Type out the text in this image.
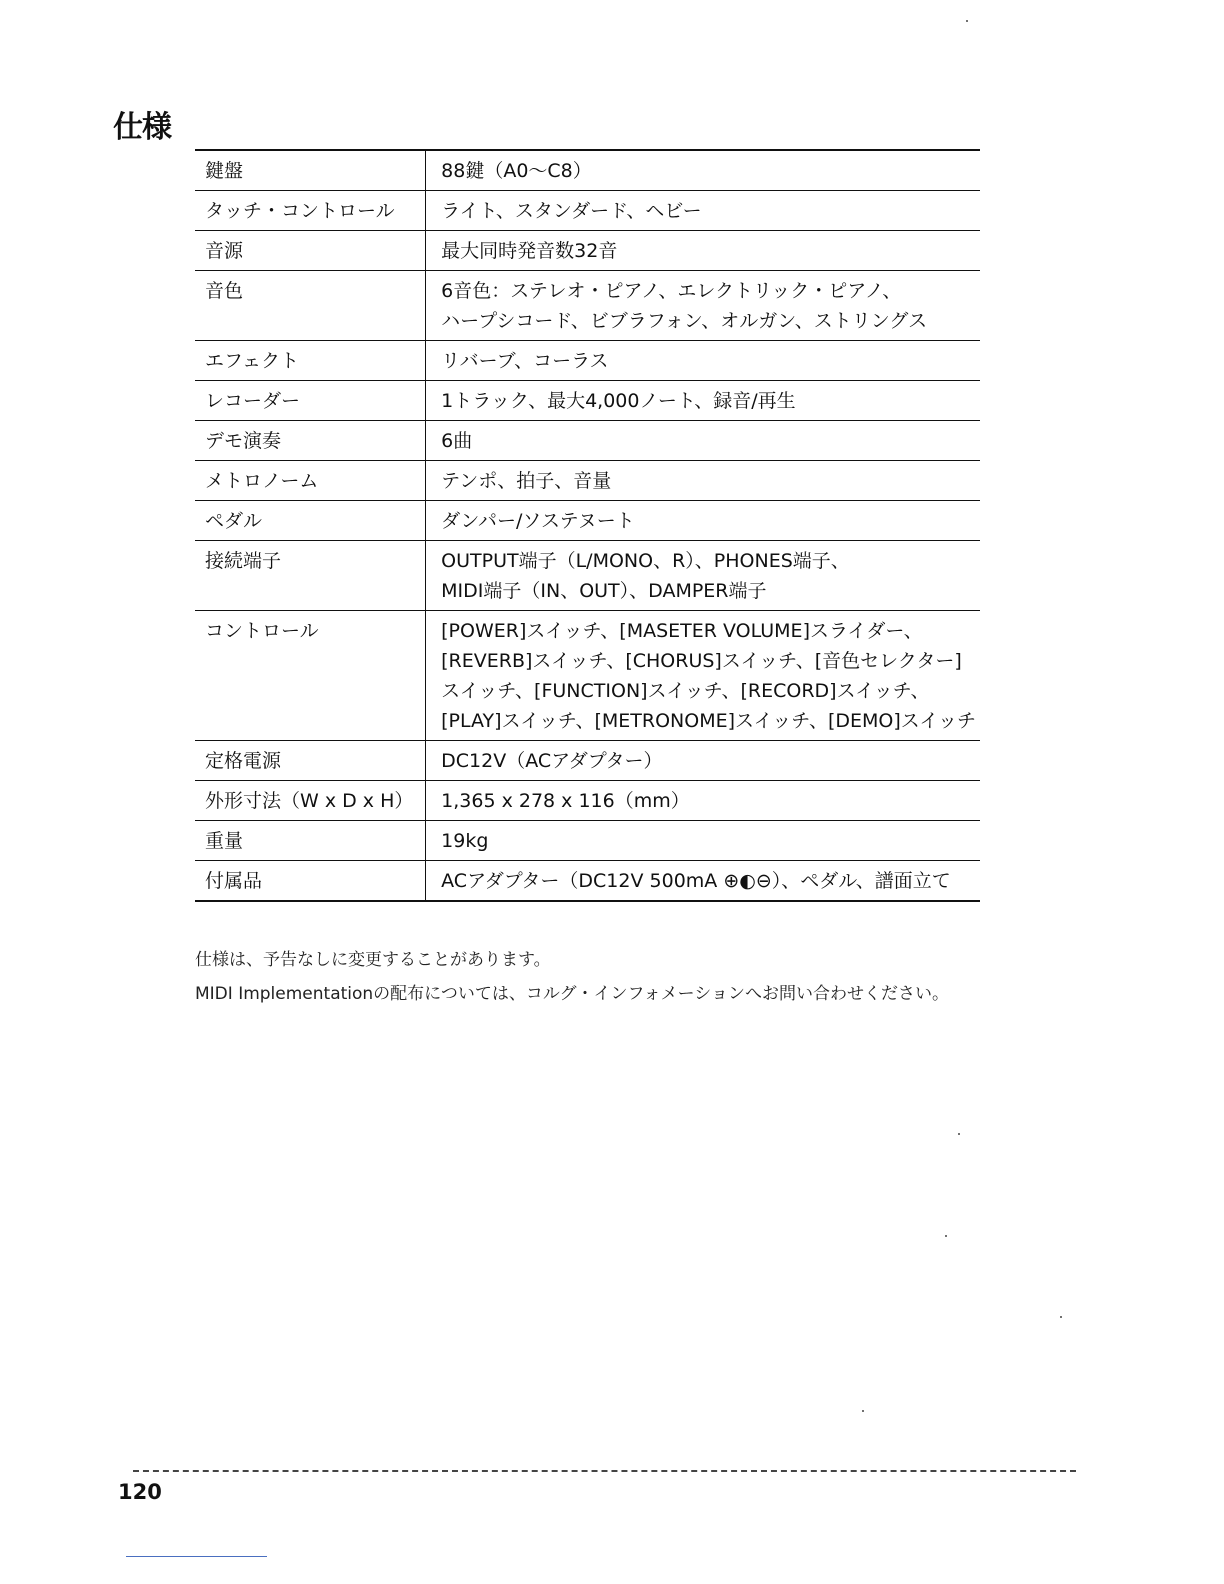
仕様
鍵盤	88鍵（A0〜C8）

タッチ・コントロール	ライト、スタンダード、ヘビー

音源	最大同時発音数32音

音色	6音色：ステレオ・ピアノ、エレクトリック・ピアノ、
ハープシコード、ビブラフォン、オルガン、ストリングス

エフェクト	リバーブ、コーラス

レコーダー	1トラック、最大4,000ノート、録音/再生

デモ演奏	6曲

メトロノーム	テンポ、拍子、音量

ペダル	ダンパー/ソステヌート

接続端子	OUTPUT端子（L/MONO、R）、PHONES端子、
MIDI端子（IN、OUT）、DAMPER端子

コントロール	[POWER]スイッチ、[MASETER VOLUME]スライダー、
[REVERB]スイッチ、[CHORUS]スイッチ、[音色セレクター]
スイッチ、[FUNCTION]スイッチ、[RECORD]スイッチ、
[PLAY]スイッチ、[METRONOME]スイッチ、[DEMO]スイッチ

定格電源	DC12V（ACアダプター）

外形寸法（W x D x H）	1,365 x 278 x 116（mm）

重量	19kg

付属品	ACアダプター（DC12V 500mA ⊕◐⊖）、ペダル、譜面立て

仕様は、予告なしに変更することがあります。

MIDI Implementationの配布については、コルグ・インフォメーションへお問い合わせください。

120
